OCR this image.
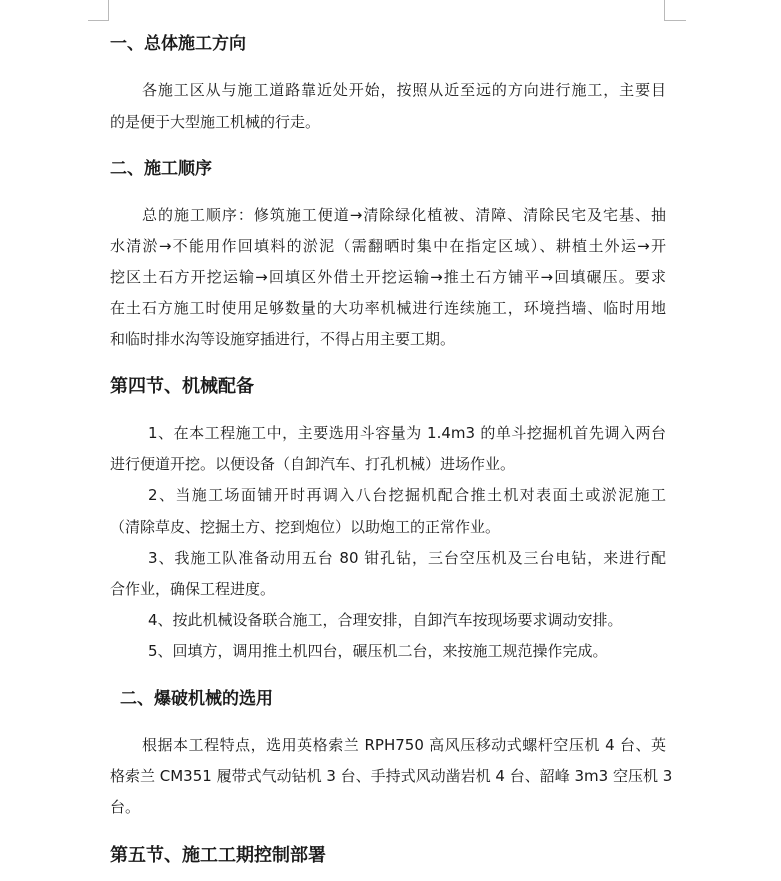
一、总体施工方向
各施工区从与施工道路靠近处开始，按照从近至远的方向进行施工，主要目
的是便于大型施工机械的行走。
二、施工顺序
总的施工顺序：修筑施工便道→清除绿化植被、清障、清除民宅及宅基、抽
水清淤→不能用作回填料的淤泥（需翻晒时集中在指定区域）、耕植土外运→开
挖区土石方开挖运输→回填区外借土开挖运输→推土石方铺平→回填碾压。要求
在土石方施工时使用足够数量的大功率机械进行连续施工，环境挡墙、临时用地
和临时排水沟等设施穿插进行，不得占用主要工期。
第四节、机械配备
1、在本工程施工中，主要选用斗容量为 1.4m3 的单斗挖掘机首先调入两台
进行便道开挖。以便设备（自卸汽车、打孔机械）进场作业。
2、当施工场面铺开时再调入八台挖掘机配合推土机对表面土或淤泥施工
（清除草皮、挖掘土方、挖到炮位）以助炮工的正常作业。
3、我施工队准备动用五台 80 钳孔钻，三台空压机及三台电钻，来进行配
合作业，确保工程进度。
4、按此机械设备联合施工，合理安排，自卸汽车按现场要求调动安排。
5、回填方，调用推土机四台，碾压机二台，来按施工规范操作完成。
二、爆破机械的选用
根据本工程特点，选用英格索兰 RPH750 高风压移动式螺杆空压机 4 台、英
格索兰 CM351 履带式气动钻机 3 台、手持式风动凿岩机 4 台、韶峰 3m3 空压机 3
台。
第五节、施工工期控制部署
